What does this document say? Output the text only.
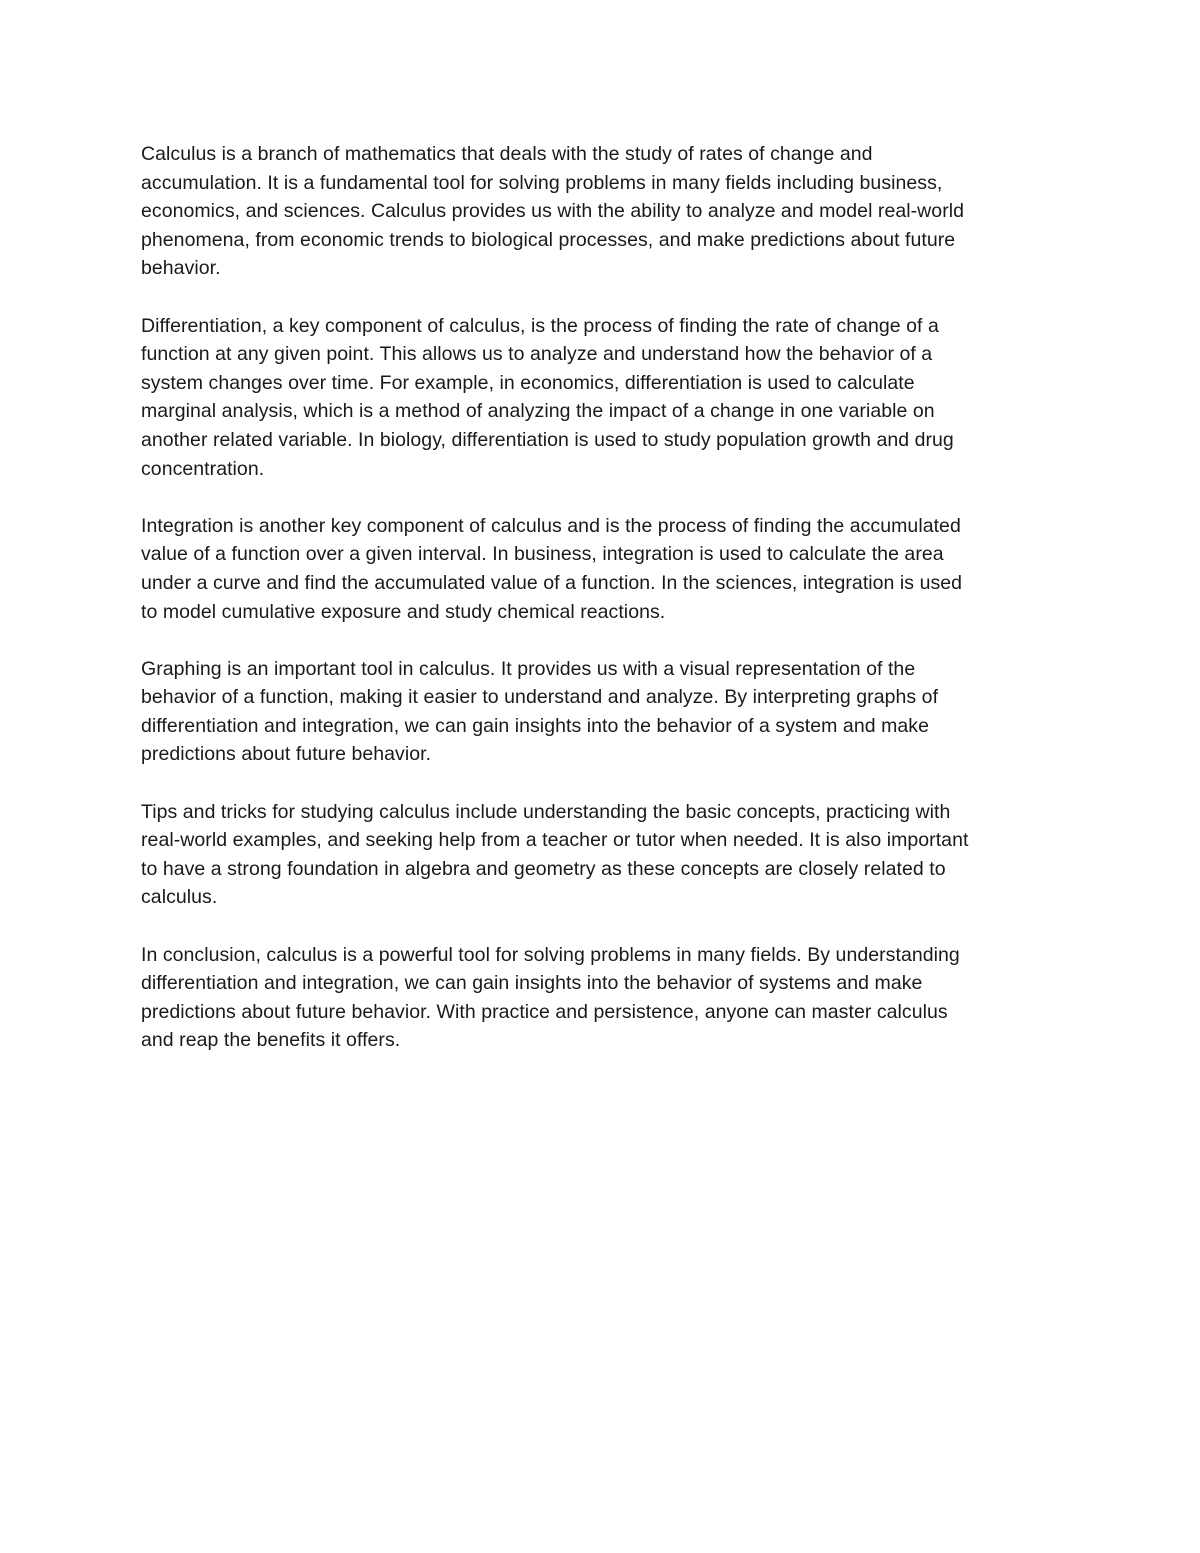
Calculus is a branch of mathematics that deals with the study of rates of change and
accumulation. It is a fundamental tool for solving problems in many fields including business,
economics, and sciences. Calculus provides us with the ability to analyze and model real-world
phenomena, from economic trends to biological processes, and make predictions about future
behavior.

Differentiation, a key component of calculus, is the process of finding the rate of change of a
function at any given point. This allows us to analyze and understand how the behavior of a
system changes over time. For example, in economics, differentiation is used to calculate
marginal analysis, which is a method of analyzing the impact of a change in one variable on
another related variable. In biology, differentiation is used to study population growth and drug
concentration.

Integration is another key component of calculus and is the process of finding the accumulated
value of a function over a given interval. In business, integration is used to calculate the area
under a curve and find the accumulated value of a function. In the sciences, integration is used
to model cumulative exposure and study chemical reactions.

Graphing is an important tool in calculus. It provides us with a visual representation of the
behavior of a function, making it easier to understand and analyze. By interpreting graphs of
differentiation and integration, we can gain insights into the behavior of a system and make
predictions about future behavior.

Tips and tricks for studying calculus include understanding the basic concepts, practicing with
real-world examples, and seeking help from a teacher or tutor when needed. It is also important
to have a strong foundation in algebra and geometry as these concepts are closely related to
calculus.

In conclusion, calculus is a powerful tool for solving problems in many fields. By understanding
differentiation and integration, we can gain insights into the behavior of systems and make
predictions about future behavior. With practice and persistence, anyone can master calculus
and reap the benefits it offers.
